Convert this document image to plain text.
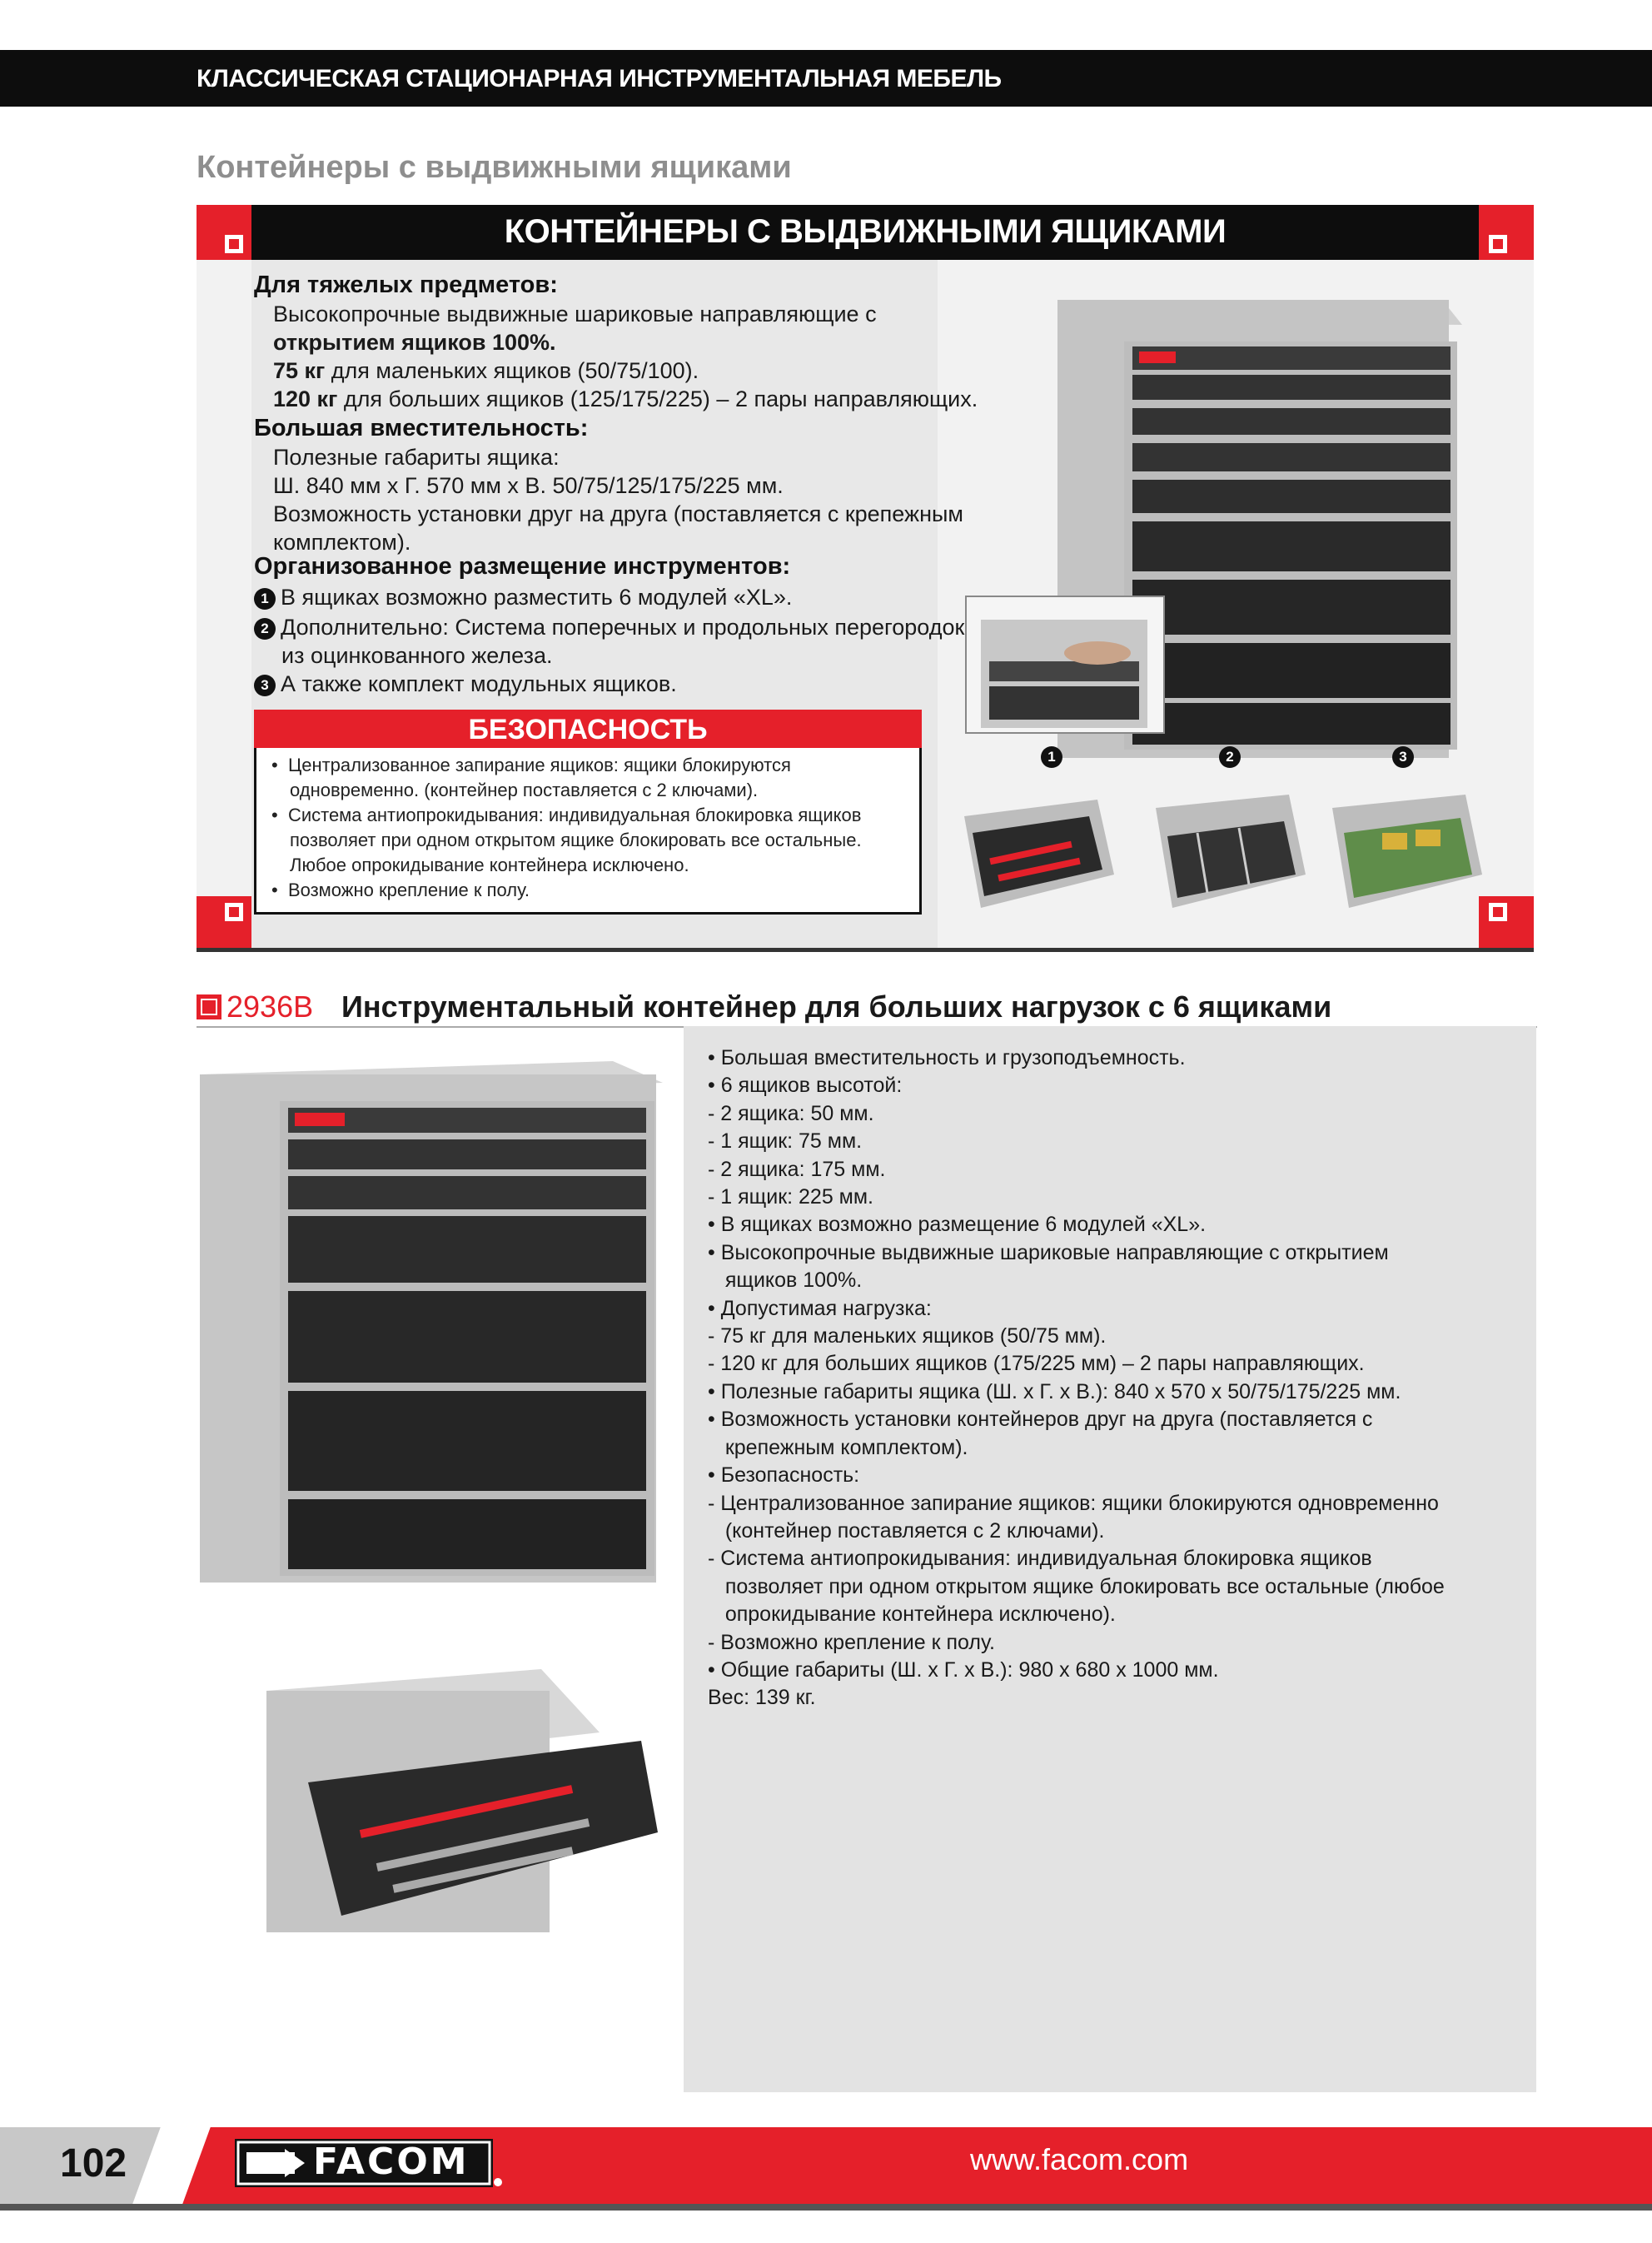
КЛАССИЧЕСКАЯ СТАЦИОНАРНАЯ ИНСТРУМЕНТАЛЬНАЯ МЕБЕЛЬ
Контейнеры с выдвижными ящиками
КОНТЕЙНЕРЫ С ВЫДВИЖНЫМИ ЯЩИКАМИ
Для тяжелых предметов:
Высокопрочные выдвижные шариковые направляющие с
открытием ящиков 100%.
75 кг для маленьких ящиков (50/75/100).
120 кг для больших ящиков (125/175/225) – 2 пары направляющих.
Большая вместительность:
Полезные габариты ящика:
Ш. 840 мм х Г. 570 мм х В. 50/75/125/175/225 мм.
Возможность установки друг на друга (поставляется с крепежным
комплектом).
Организованное размещение инструментов:
1 В ящиках возможно разместить 6 модулей «XL».
2 Дополнительно: Система поперечных и продольных перегородок
из оцинкованного железа.
3 А также комплект модульных ящиков.
БЕЗОПАСНОСТЬ
•  Централизованное запирание ящиков: ящики блокируются
одновременно. (контейнер поставляется с 2 ключами).
•  Система антиопрокидывания: индивидуальная блокировка ящиков
позволяет при одном открытом ящике блокировать все остальные.
Любое опрокидывание контейнера исключено.
•  Возможно крепление к полу.
1	2	3
2936B Инструментальный контейнер для больших нагрузок с 6 ящиками
• Большая вместительность и грузоподъемность.
• 6 ящиков высотой:
- 2 ящика: 50 мм.
- 1 ящик: 75 мм.
- 2 ящика: 175 мм.
- 1 ящик: 225 мм.
• В ящиках возможно размещение 6 модулей «XL».
• Высокопрочные выдвижные шариковые направляющие с открытием
ящиков 100%.
• Допустимая нагрузка:
- 75 кг для маленьких ящиков (50/75 мм).
- 120 кг для больших ящиков (175/225 мм) – 2 пары направляющих.
• Полезные габариты ящика (Ш. х Г. х В.): 840 х 570 х 50/75/175/225 мм.
• Возможность установки контейнеров друг на друга (поставляется с
крепежным комплектом).
• Безопасность:
- Централизованное запирание ящиков: ящики блокируются одновременно
(контейнер поставляется с 2 ключами).
- Система антиопрокидывания: индивидуальная блокировка ящиков
позволяет при одном открытом ящике блокировать все остальные (любое
опрокидывание контейнера исключено).
- Возможно крепление к полу.
• Общие габариты (Ш. х Г. х В.): 980 х 680 х 1000 мм.
Вес: 139 кг.
102	FACOM	www.facom.com
